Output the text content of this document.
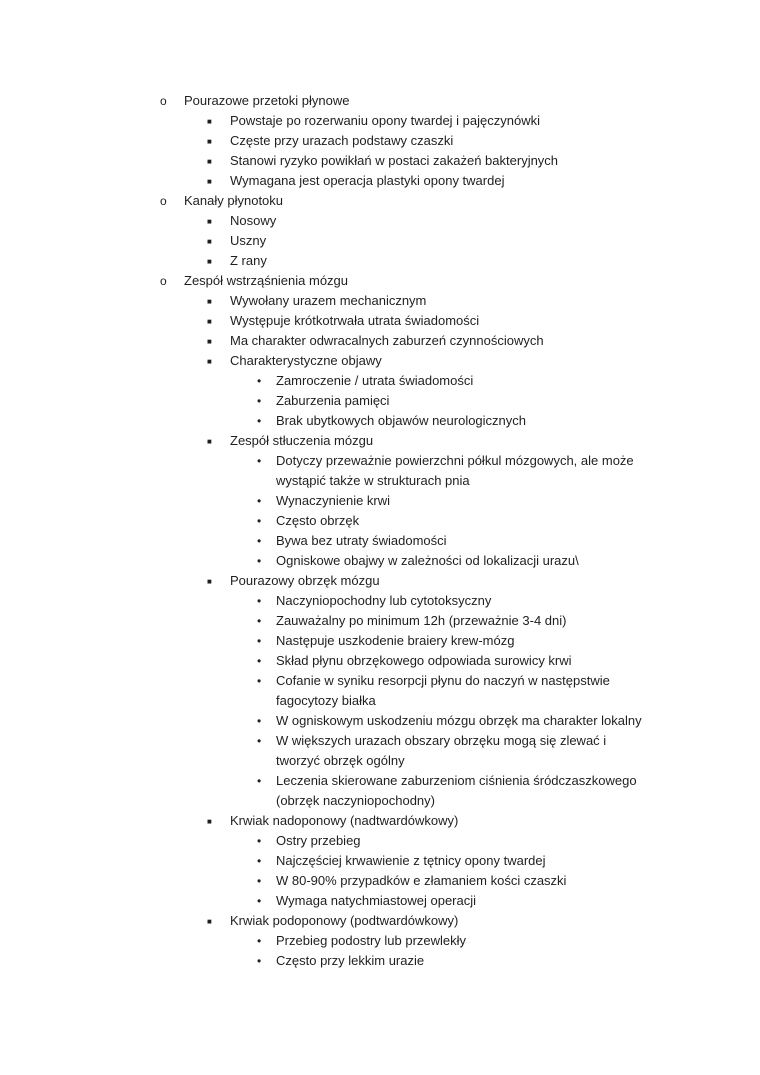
o Pourazowe przetoki płynowe
■ Powstaje po rozerwaniu opony twardej i pajęczynówki
■ Częste przy urazach podstawy czaszki
■ Stanowi ryzyko powikłań w postaci zakażeń bakteryjnych
■ Wymagana jest operacja plastyki opony twardej
o Kanały płynotoku
■ Nosowy
■ Uszny
■ Z rany
o Zespół wstrząśnienia mózgu
■ Wywołany urazem mechanicznym
■ Występuje krótkotrwała utrata świadomości
■ Ma charakter odwracalnych zaburzeń czynnościowych
■ Charakterystyczne objawy
• Zamroczenie / utrata świadomości
• Zaburzenia pamięci
• Brak ubytkowych objawów neurologicznych
■ Zespół stłuczenia mózgu
• Dotyczy przeważnie powierzchni półkul mózgowych, ale może wystąpić także w strukturach pnia
• Wynaczynienie krwi
• Często obrzęk
• Bywa bez utraty świadomości
• Ogniskowe obajwy w zależności od lokalizacji urazu\
■ Pourazowy obrzęk mózgu
• Naczyniopochodny lub cytotoksyczny
• Zauważalny po minimum 12h (przeważnie 3-4 dni)
• Następuje uszkodenie braiery krew-mózg
• Skład płynu obrzękowego odpowiada surowicy krwi
• Cofanie w syniku resorpcji płynu do naczyń w następstwie fagocytozy białka
• W ogniskowym uskodzeniu mózgu obrzęk ma charakter lokalny
• W większych urazach obszary obrzęku mogą się zlewać i tworzyć obrzęk ogólny
• Leczenia skierowane zaburzeniom ciśnienia śródczaszkowego (obrzęk naczyniopochodny)
■ Krwiak nadoponowy (nadtwardówkowy)
• Ostry przebieg
• Najczęściej krwawienie z tętnicy opony twardej
• W 80-90% przypadków e złamaniem kości czaszki
• Wymaga natychmiastowej operacji
■ Krwiak podoponowy (podtwardówkowy)
• Przebieg podostry lub przewlekły
• Często przy lekkim urazie
